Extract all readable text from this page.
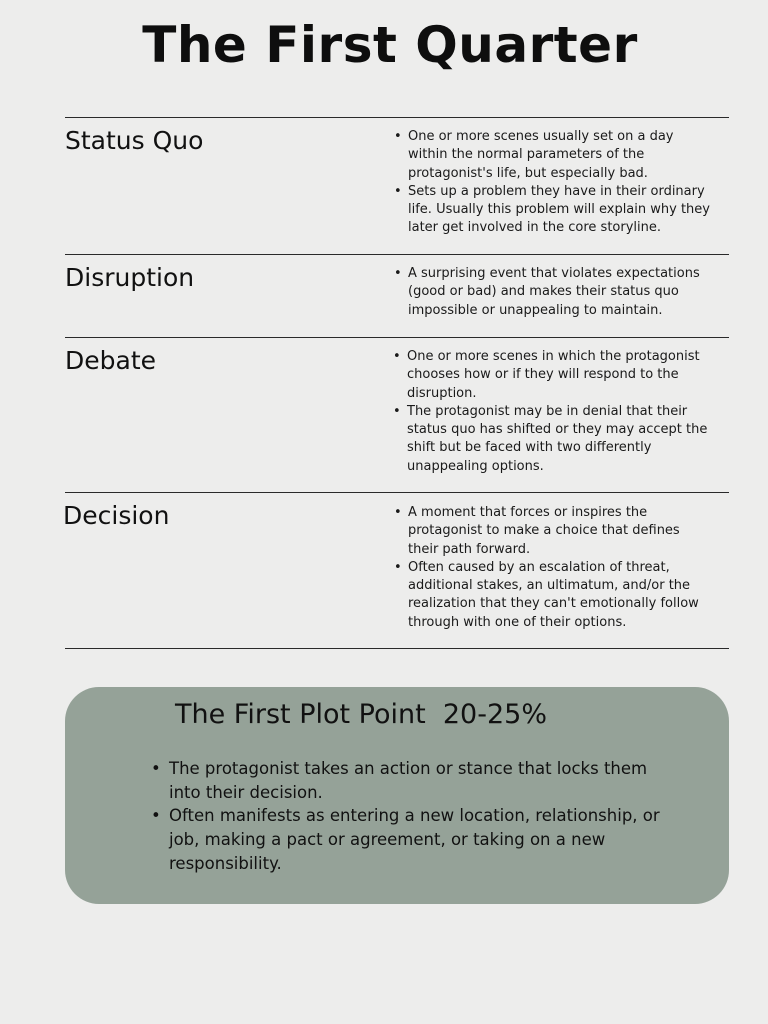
The First Quarter
Status Quo	• One or more scenes usually set on a day within the normal parameters of the protagonist's life, but especially bad.
• Sets up a problem they have in their ordinary life. Usually this problem will explain why they later get involved in the core storyline.
Disruption	• A surprising event that violates expectations (good or bad) and makes their status quo impossible or unappealing to maintain.
Debate	• One or more scenes in which the protagonist chooses how or if they will respond to the disruption.
• The protagonist may be in denial that their status quo has shifted or they may accept the shift but be faced with two differently unappealing options.
Decision	• A moment that forces or inspires the protagonist to make a choice that defines their path forward.
• Often caused by an escalation of threat, additional stakes, an ultimatum, and/or the realization that they can't emotionally follow through with one of their options.
The First Plot Point  20-25%
• The protagonist takes an action or stance that locks them into their decision.
• Often manifests as entering a new location, relationship, or job, making a pact or agreement, or taking on a new responsibility.
